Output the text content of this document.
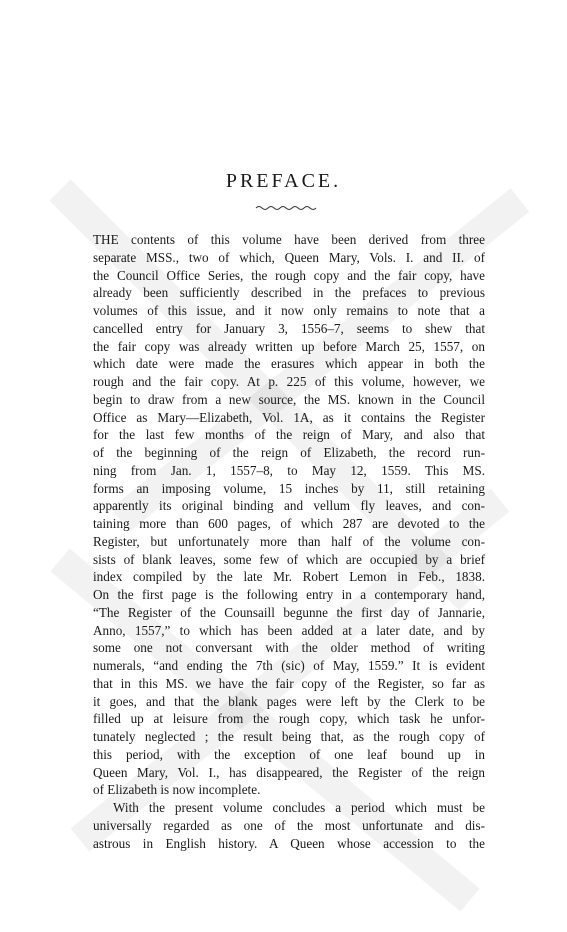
PREFACE.
THE contents of this volume have been derived from three
separate MSS., two of which, Queen Mary, Vols. I. and II. of
the Council Office Series, the rough copy and the fair copy, have
already been sufficiently described in the prefaces to previous
volumes of this issue, and it now only remains to note that a
cancelled entry for January 3, 1556–7, seems to shew that
the fair copy was already written up before March 25, 1557, on
which date were made the erasures which appear in both the
rough and the fair copy. At p. 225 of this volume, however, we
begin to draw from a new source, the MS. known in the Council
Office as Mary—Elizabeth, Vol. 1A, as it contains the Register
for the last few months of the reign of Mary, and also that
of the beginning of the reign of Elizabeth, the record run-
ning from Jan. 1, 1557–8, to May 12, 1559. This MS.
forms an imposing volume, 15 inches by 11, still retaining
apparently its original binding and vellum fly leaves, and con-
taining more than 600 pages, of which 287 are devoted to the
Register, but unfortunately more than half of the volume con-
sists of blank leaves, some few of which are occupied by a brief
index compiled by the late Mr. Robert Lemon in Feb., 1838.
On the first page is the following entry in a contemporary hand,
“The Register of the Counsaill begunne the first day of Jannarie,
Anno, 1557,” to which has been added at a later date, and by
some one not conversant with the older method of writing
numerals, “and ending the 7th (sic) of May, 1559.” It is evident
that in this MS. we have the fair copy of the Register, so far as
it goes, and that the blank pages were left by the Clerk to be
filled up at leisure from the rough copy, which task he unfor-
tunately neglected ; the result being that, as the rough copy of
this period, with the exception of one leaf bound up in
Queen Mary, Vol. I., has disappeared, the Register of the reign
of Elizabeth is now incomplete.
With the present volume concludes a period which must be
universally regarded as one of the most unfortunate and dis-
astrous in English history. A Queen whose accession to the
